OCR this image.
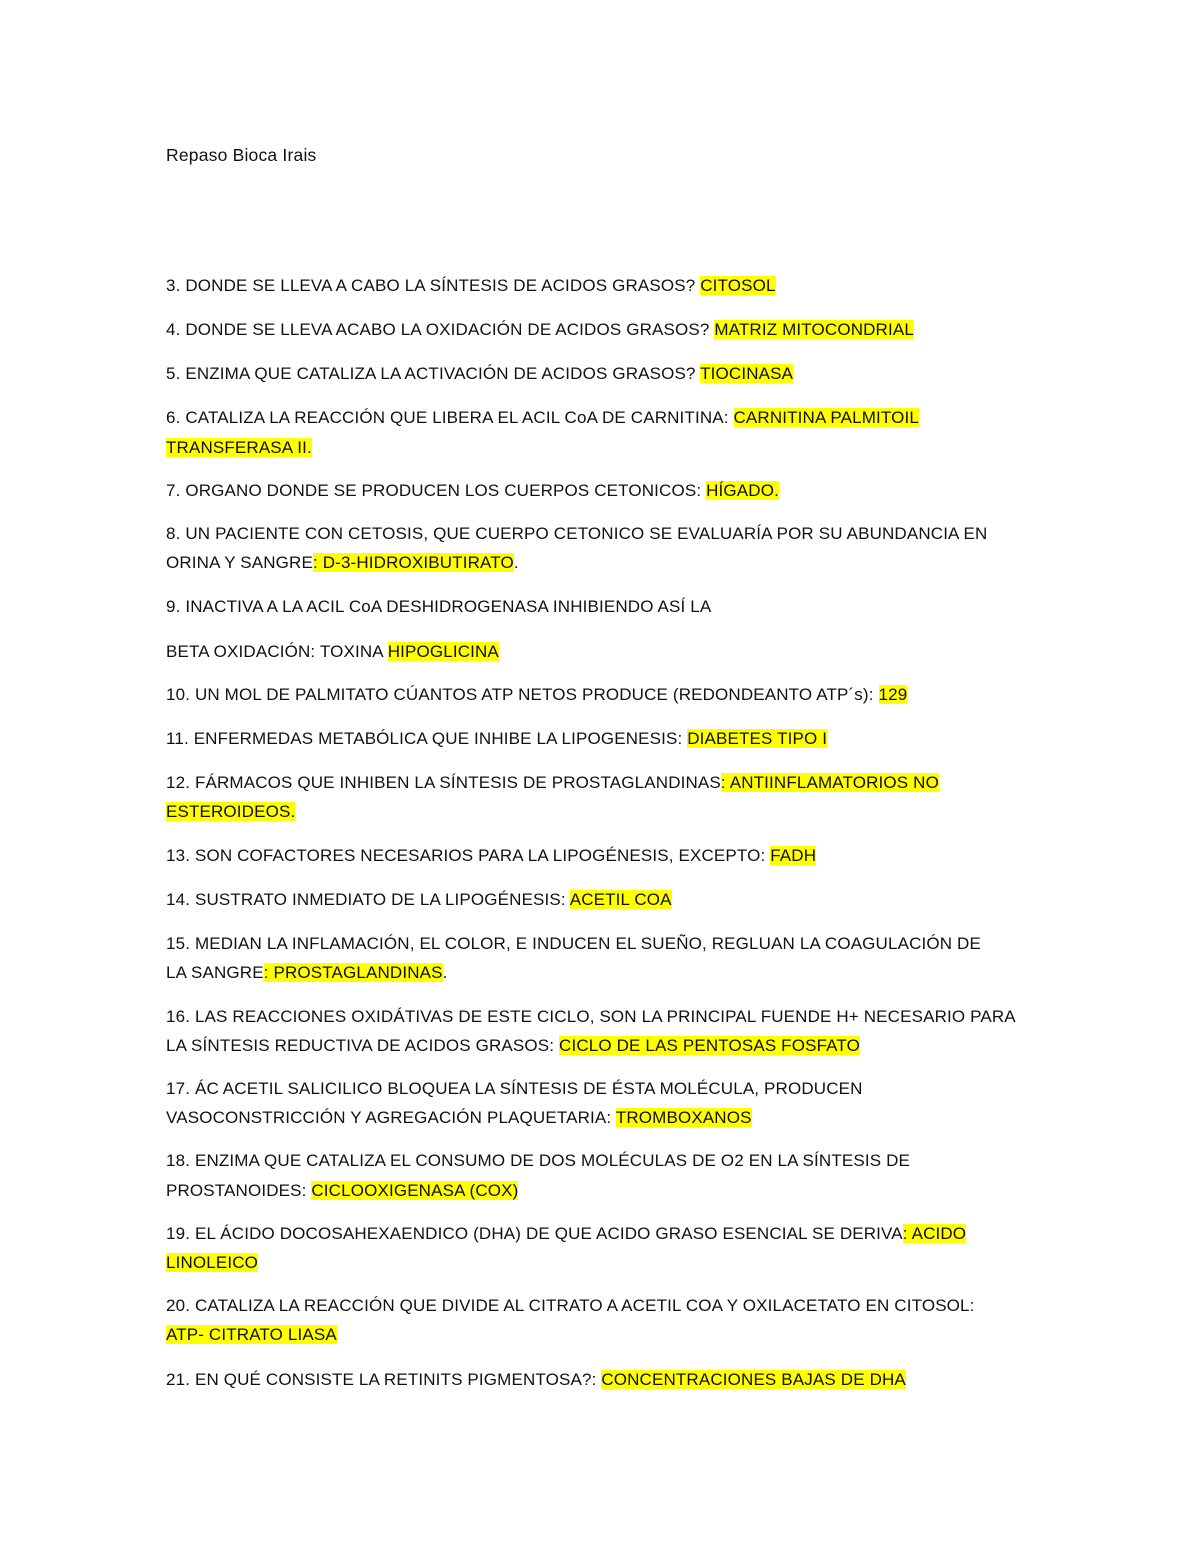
Repaso Bioca Irais
3. DONDE SE LLEVA A CABO LA SÍNTESIS DE ACIDOS GRASOS? CITOSOL
4. DONDE SE LLEVA ACABO LA OXIDACIÓN DE ACIDOS GRASOS? MATRIZ MITOCONDRIAL
5. ENZIMA QUE CATALIZA LA ACTIVACIÓN DE ACIDOS GRASOS? TIOCINASA
6. CATALIZA LA REACCIÓN QUE LIBERA EL ACIL CoA DE CARNITINA: CARNITINA PALMITOIL
TRANSFERASA II.
7. ORGANO DONDE SE PRODUCEN LOS CUERPOS CETONICOS: HÍGADO.
8. UN PACIENTE CON CETOSIS, QUE CUERPO CETONICO SE EVALUARÍA POR SU ABUNDANCIA EN
ORINA Y SANGRE: D-3-HIDROXIBUTIRATO.
9. INACTIVA A LA ACIL CoA DESHIDROGENASA INHIBIENDO ASÍ LA
BETA OXIDACIÓN: TOXINA HIPOGLICINA
10. UN MOL DE PALMITATO CÚANTOS ATP NETOS PRODUCE (REDONDEANTO ATP´s): 129
11. ENFERMEDAS METABÓLICA QUE INHIBE LA LIPOGENESIS: DIABETES TIPO I
12. FÁRMACOS QUE INHIBEN LA SÍNTESIS DE PROSTAGLANDINAS: ANTIINFLAMATORIOS NO
ESTEROIDEOS.
13. SON COFACTORES NECESARIOS PARA LA LIPOGÉNESIS, EXCEPTO: FADH
14. SUSTRATO INMEDIATO DE LA LIPOGÉNESIS: ACETIL COA
15. MEDIAN LA INFLAMACIÓN, EL COLOR, E INDUCEN EL SUEÑO, REGLUAN LA COAGULACIÓN DE
LA SANGRE: PROSTAGLANDINAS.
16. LAS REACCIONES OXIDÁTIVAS DE ESTE CICLO, SON LA PRINCIPAL FUENDE H+ NECESARIO PARA
LA SÍNTESIS REDUCTIVA DE ACIDOS GRASOS: CICLO DE LAS PENTOSAS FOSFATO
17. ÁC ACETIL SALICILICO BLOQUEA LA SÍNTESIS DE ÉSTA MOLÉCULA, PRODUCEN
VASOCONSTRICCIÓN Y AGREGACIÓN PLAQUETARIA: TROMBOXANOS
18. ENZIMA QUE CATALIZA EL CONSUMO DE DOS MOLÉCULAS DE O2 EN LA SÍNTESIS DE
PROSTANOIDES: CICLOOXIGENASA (COX)
19. EL ÁCIDO DOCOSAHEXAENDICO (DHA) DE QUE ACIDO GRASO ESENCIAL SE DERIVA: ACIDO
LINOLEICO
20. CATALIZA LA REACCIÓN QUE DIVIDE AL CITRATO A ACETIL COA Y OXILACETATO EN CITOSOL:
ATP- CITRATO LIASA
21. EN QUÉ CONSISTE LA RETINITS PIGMENTOSA?: CONCENTRACIONES BAJAS DE DHA
